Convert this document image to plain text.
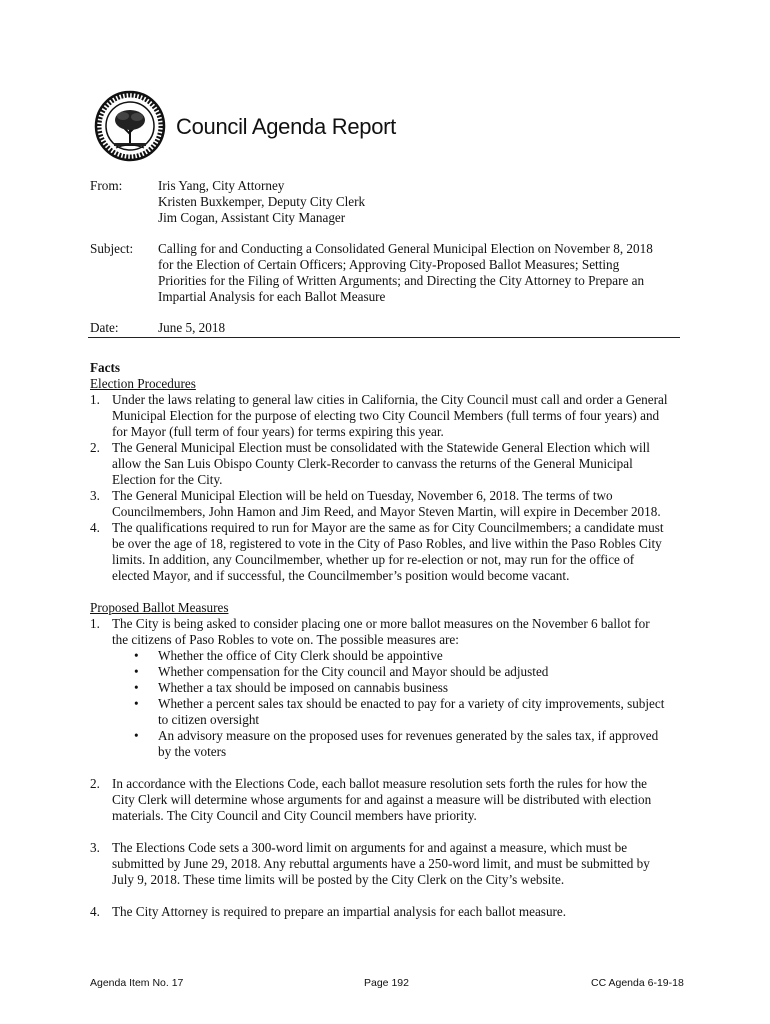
Council Agenda Report
From:	Iris Yang, City Attorney
Kristen Buxkemper, Deputy City Clerk
Jim Cogan, Assistant City Manager
Subject: Calling for and Conducting a Consolidated General Municipal Election on November 8, 2018
for the Election of Certain Officers; Approving City-Proposed Ballot Measures; Setting
Priorities for the Filing of Written Arguments; and Directing the City Attorney to Prepare an
Impartial Analysis for each Ballot Measure
Date:	June 5, 2018
Facts
Election Procedures
1. Under the laws relating to general law cities in California, the City Council must call and order a General
Municipal Election for the purpose of electing two City Council Members (full terms of four years) and
for Mayor (full term of four years) for terms expiring this year.
2. The General Municipal Election must be consolidated with the Statewide General Election which will
allow the San Luis Obispo County Clerk-Recorder to canvass the returns of the General Municipal
Election for the City.
3. The General Municipal Election will be held on Tuesday, November 6, 2018. The terms of two
Councilmembers, John Hamon and Jim Reed, and Mayor Steven Martin, will expire in December 2018.
4. The qualifications required to run for Mayor are the same as for City Councilmembers; a candidate must
be over the age of 18, registered to vote in the City of Paso Robles, and live within the Paso Robles City
limits. In addition, any Councilmember, whether up for re-election or not, may run for the office of
elected Mayor, and if successful, the Councilmember’s position would become vacant.
Proposed Ballot Measures
1. The City is being asked to consider placing one or more ballot measures on the November 6 ballot for
the citizens of Paso Robles to vote on. The possible measures are:
• Whether the office of City Clerk should be appointive
• Whether compensation for the City council and Mayor should be adjusted
• Whether a tax should be imposed on cannabis business
• Whether a percent sales tax should be enacted to pay for a variety of city improvements, subject
to citizen oversight
• An advisory measure on the proposed uses for revenues generated by the sales tax, if approved
by the voters
2. In accordance with the Elections Code, each ballot measure resolution sets forth the rules for how the
City Clerk will determine whose arguments for and against a measure will be distributed with election
materials. The City Council and City Council members have priority.
3. The Elections Code sets a 300-word limit on arguments for and against a measure, which must be
submitted by June 29, 2018. Any rebuttal arguments have a 250-word limit, and must be submitted by
July 9, 2018. These time limits will be posted by the City Clerk on the City’s website.
4. The City Attorney is required to prepare an impartial analysis for each ballot measure.
Agenda Item No. 17	Page 192	CC Agenda 6-19-18
